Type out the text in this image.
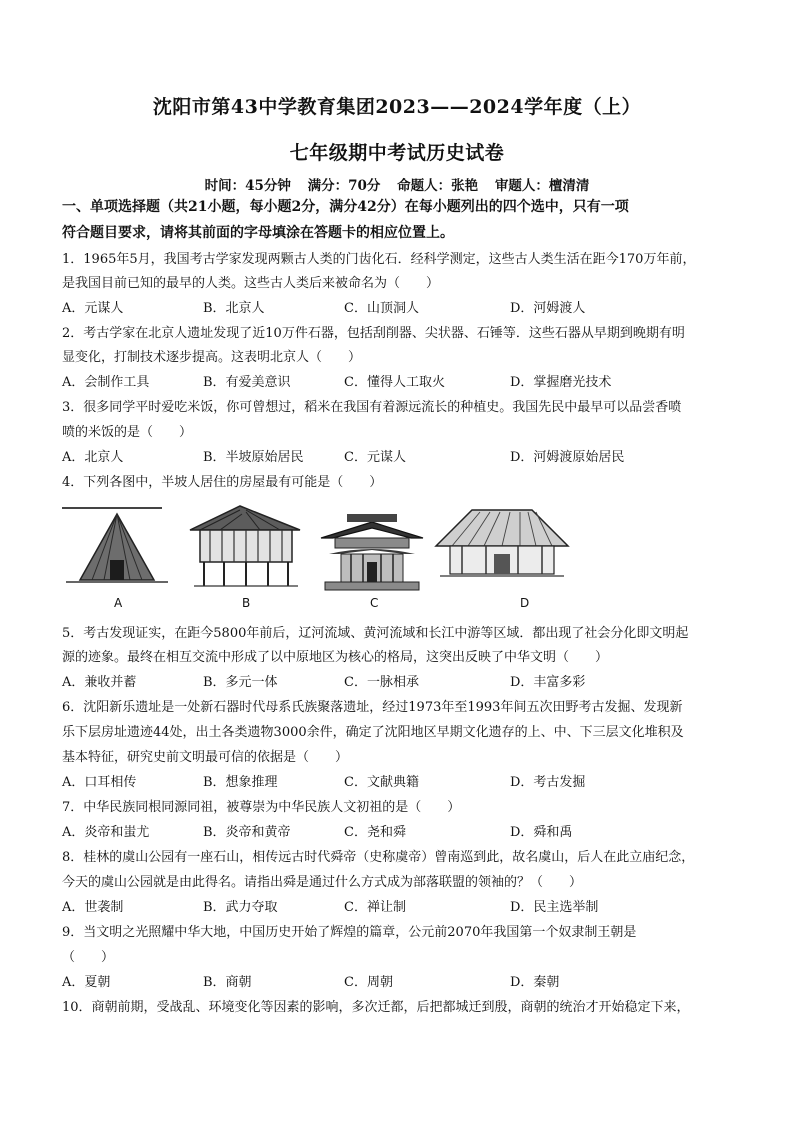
沈阳市第43中学教育集团2023——2024学年度（上）
七年级期中考试历史试卷
时间：45分钟 满分：70分 命题人：张艳 审题人：檀清清
一、单项选择题（共21小题，每小题2分，满分42分）在每小题列出的四个选中，只有一项
符合题目要求，请将其前面的字母填涂在答题卡的相应位置上。
1．1965年5月，我国考古学家发现两颗古人类的门齿化石．经科学测定，这些古人类生活在距今170万年前，
是我国目前已知的最早的人类。这些古人类后来被命名为（　　）
A．元谋人	B．北京人	C．山顶洞人	D．河姆渡人
2．考古学家在北京人遗址发现了近10万件石器，包括刮削器、尖状器、石锤等．这些石器从早期到晚期有明
显变化，打制技术逐步提高。这表明北京人（　　）
A．会制作工具	B．有爱美意识	C．懂得人工取火	D．掌握磨光技术
3．很多同学平时爱吃米饭，你可曾想过，稻米在我国有着源远流长的种植史。我国先民中最早可以品尝香喷
喷的米饭的是（　　）
A．北京人	B．半坡原始居民	C．元谋人	D．河姆渡原始居民
4．下列各图中，半坡人居住的房屋最有可能是（　　）
A	B	C	D
5．考古发现证实，在距今5800年前后，辽河流域、黄河流域和长江中游等区域．都出现了社会分化即文明起
源的迹象。最终在相互交流中形成了以中原地区为核心的格局，这突出反映了中华文明（　　）
A．兼收并蓄	B．多元一体	C．一脉相承	D．丰富多彩
6．沈阳新乐遗址是一处新石器时代母系氏族聚落遗址，经过1973年至1993年间五次田野考古发掘、发现新
乐下层房址遗迹44处，出土各类遗物3000余件，确定了沈阳地区早期文化遗存的上、中、下三层文化堆积及
基本特征，研究史前文明最可信的依据是（　　）
A．口耳相传	B．想象推理	C．文献典籍	D．考古发掘
7．中华民族同根同源同祖，被尊崇为中华民族人文初祖的是（　　）
A．炎帝和蚩尤	B．炎帝和黄帝	C．尧和舜	D．舜和禹
8．桂林的虞山公园有一座石山，相传远古时代舜帝（史称虞帝）曾南巡到此，故名虞山，后人在此立庙纪念，
今天的虞山公园就是由此得名。请指出舜是通过什么方式成为部落联盟的领袖的？（　　）
A．世袭制	B．武力夺取	C．禅让制	D．民主选举制
9．当文明之光照耀中华大地，中国历史开始了辉煌的篇章，公元前2070年我国第一个奴隶制王朝是
（　　）
A．夏朝	B．商朝	C．周朝	D．秦朝
10．商朝前期，受战乱、环境变化等因素的影响，多次迁都，后把都城迁到殷，商朝的统治才开始稳定下来，
